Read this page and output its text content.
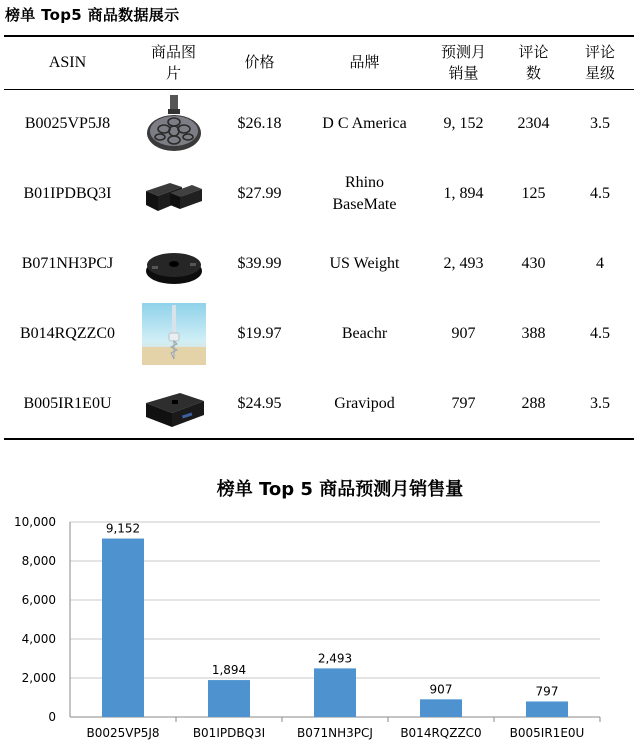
榜单 Top5 商品数据展示
ASIN	商品图片	价格	品牌	预测月销量	评论数	评论星级
B0025VP5J8		$26.18	D C America	9, 152	2304	3.5
B01IPDBQ3I		$27.99	Rhino BaseMate	1, 894	125	4.5
B071NH3PCJ		$39.99	US Weight	2, 493	430	4
B014RQZZC0		$19.97	Beachr	907	388	4.5
B005IR1E0U		$24.95	Gravipod	797	288	3.5
榜单 Top 5 商品预测月销售量
0
2,000
4,000
6,000
8,000
10,000	9,152
B0025VP5J8
1,894
B01IPDBQ3I
2,493
B071NH3PCJ
907
B014RQZZC0
797
B005IR1E0U
